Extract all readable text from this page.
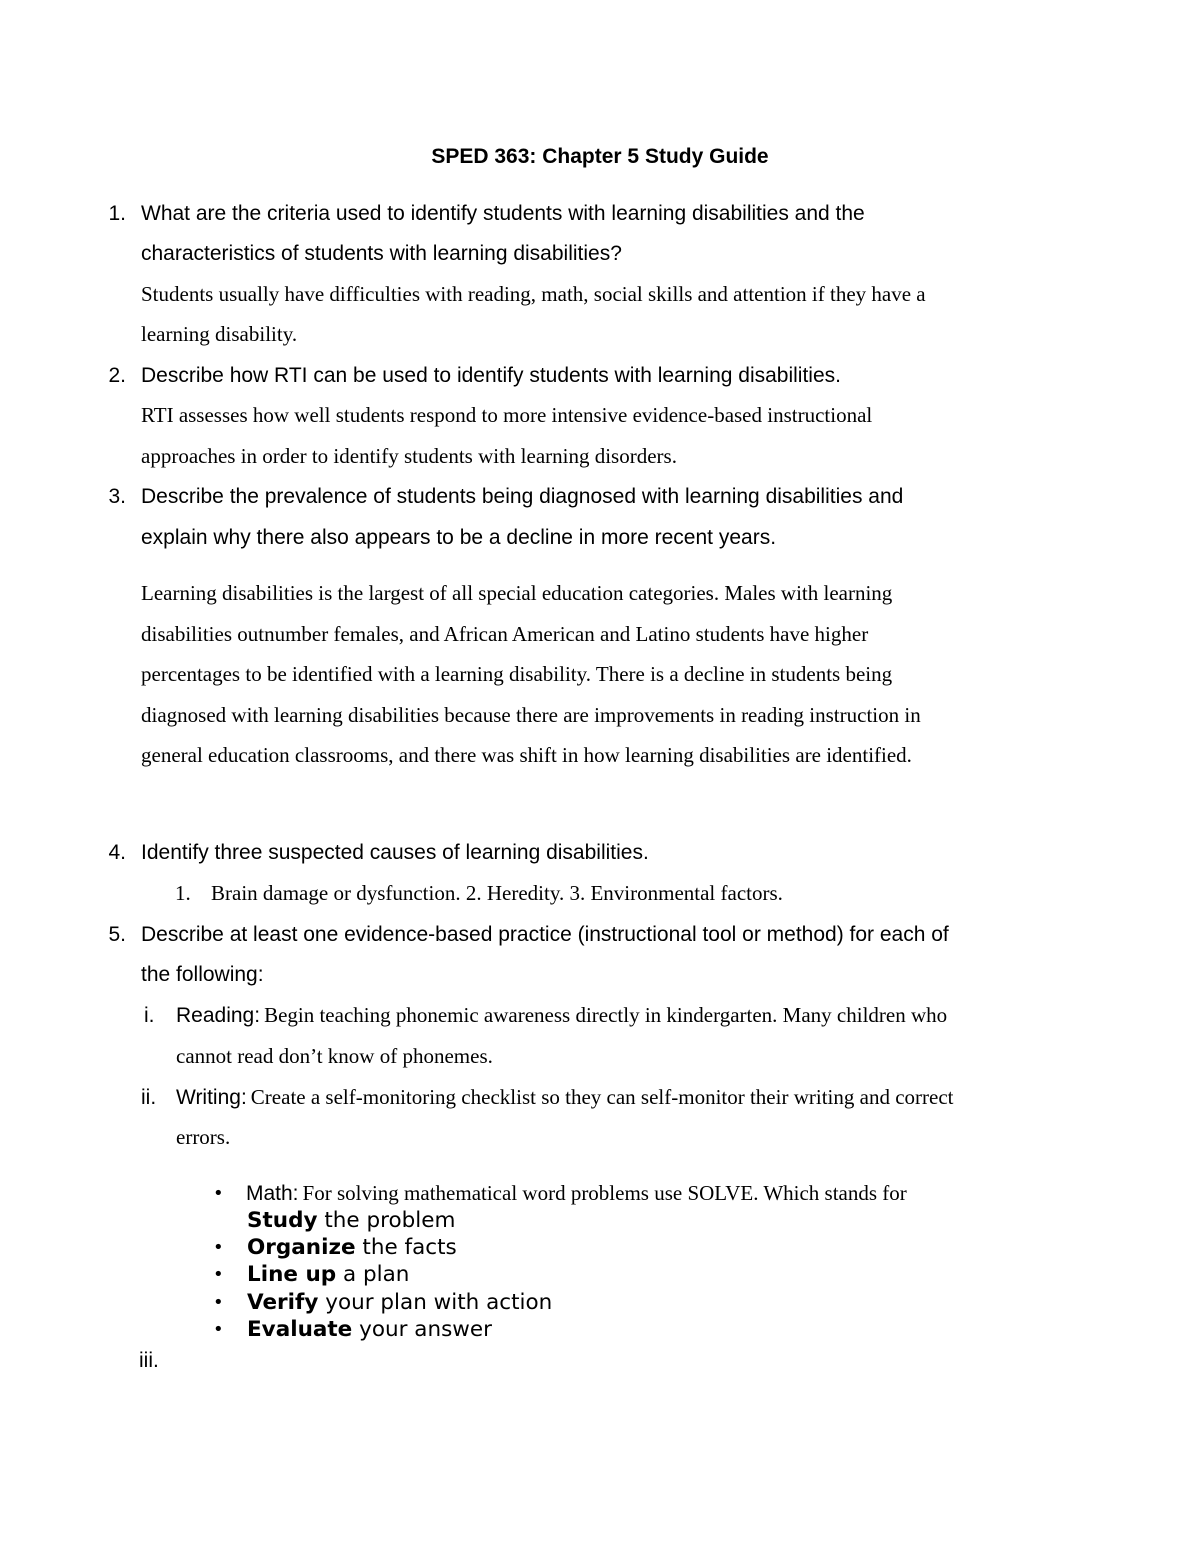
SPED 363: Chapter 5 Study Guide
1. What are the criteria used to identify students with learning disabilities and the
characteristics of students with learning disabilities?
Students usually have difficulties with reading, math, social skills and attention if they have a
learning disability.
2. Describe how RTI can be used to identify students with learning disabilities.
RTI assesses how well students respond to more intensive evidence-based instructional
approaches in order to identify students with learning disorders.
3. Describe the prevalence of students being diagnosed with learning disabilities and
explain why there also appears to be a decline in more recent years.
Learning disabilities is the largest of all special education categories. Males with learning
disabilities outnumber females, and African American and Latino students have higher
percentages to be identified with a learning disability. There is a decline in students being
diagnosed with learning disabilities because there are improvements in reading instruction in
general education classrooms, and there was shift in how learning disabilities are identified.
4. Identify three suspected causes of learning disabilities.
1. Brain damage or dysfunction. 2. Heredity. 3. Environmental factors.
5. Describe at least one evidence-based practice (instructional tool or method) for each of
the following:
i. Reading: Begin teaching phonemic awareness directly in kindergarten. Many children who
cannot read don’t know of phonemes.
ii. Writing: Create a self-monitoring checklist so they can self-monitor their writing and correct
errors.
• Math: For solving mathematical word problems use SOLVE. Which stands for
Study the problem
• Organize the facts
• Line up a plan
• Verify your plan with action
• Evaluate your answer
iii.
